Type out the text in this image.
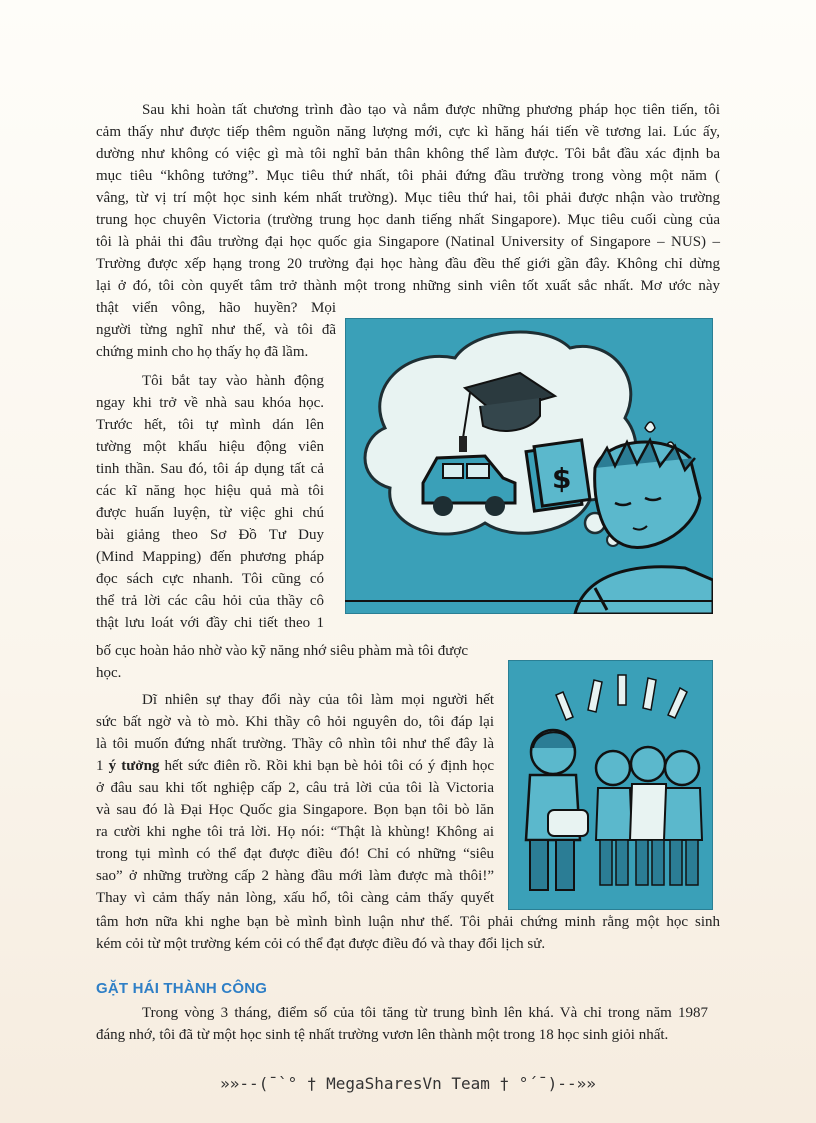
Sau khi hoàn tất chương trình đào tạo và nắm được những phương pháp học tiên tiến, tôi
cảm thấy như được tiếp thêm nguồn năng lượng mới, cực kì hăng hái tiến về tương lai. Lúc ấy,
dường như không có việc gì mà tôi nghĩ bản thân không thể làm được. Tôi bắt đầu xác định ba
mục tiêu “không tưởng”. Mục tiêu thứ nhất, tôi phải đứng đầu trường trong vòng một năm (
vâng, từ vị trí một học sinh kém nhất trường). Mục tiêu thứ hai, tôi phải được nhận vào trường
trung học chuyên Victoria (trường trung học danh tiếng nhất Singapore). Mục tiêu cuối cùng của
tôi là phải thi đâu trường đại học quốc gia Singapore (Natinal University of Singapore – NUS) –
Trường được xếp hạng trong 20 trường đại học hàng đầu đều thế giới gần đây. Không chỉ dừng
lại ở đó, tôi còn quyết tâm trở thành một trong những sinh viên tốt xuất sắc nhất. Mơ ước này
thật viển vông, hão huyền? Mọi
người từng nghĩ như thế, và tôi đã
chứng minh cho họ thấy họ đã lầm.
Tôi bắt tay vào hành động
ngay khi trở về nhà sau khóa học.
Trước hết, tôi tự mình dán lên
tường một khẩu hiệu động viên
tinh thần. Sau đó, tôi áp dụng tất cả
các kĩ năng học hiệu quả mà tôi
được huấn luyện, từ việc ghi chú
bài giảng theo Sơ Đồ Tư Duy
(Mind Mapping) đến phương pháp
đọc sách cực nhanh. Tôi cũng có
thể trả lời các câu hỏi của thầy cô
thật lưu loát với đầy chi tiết theo 1
bố cục hoàn hảo nhờ vào kỹ năng nhớ siêu phàm mà tôi được
học.
Dĩ nhiên sự thay đổi này của tôi làm mọi người hết
sức bất ngờ và tò mò. Khi thầy cô hỏi nguyên do, tôi đáp lại
là tôi muốn đứng nhất trường. Thầy cô nhìn tôi như thể đây là
1 ý tưởng hết sức điên rồ. Rồi khi bạn bè hỏi tôi có ý định học
ở đâu sau khi tốt nghiệp cấp 2, câu trả lời của tôi là Victoria
và sau đó là Đại Học Quốc gia Singapore. Bọn bạn tôi bò lăn
ra cười khi nghe tôi trả lời. Họ nói: “Thật là khùng! Không ai
trong tụi mình có thể đạt được điều đó! Chỉ có những “siêu
sao” ở những trường cấp 2 hàng đầu mới làm được mà thôi!”
Thay vì cảm thấy nản lòng, xấu hổ, tôi càng cảm thấy quyết
tâm hơn nữa khi nghe bạn bè mình bình luận như thế. Tôi phải chứng minh rằng một học sinh
kém cỏi từ một trường kém cỏi có thể đạt được điều đó và thay đổi lịch sử.
GẶT HÁI THÀNH CÔNG
Trong vòng 3 tháng, điểm số của tôi tăng từ trung bình lên khá. Và chỉ trong năm 1987
đáng nhớ, tôi đã từ một học sinh tệ nhất trường vươn lên thành một trong 18 học sinh giỏi nhất.
$
»»--(¯`° † MegaSharesVn Team † °´¯)--»»
